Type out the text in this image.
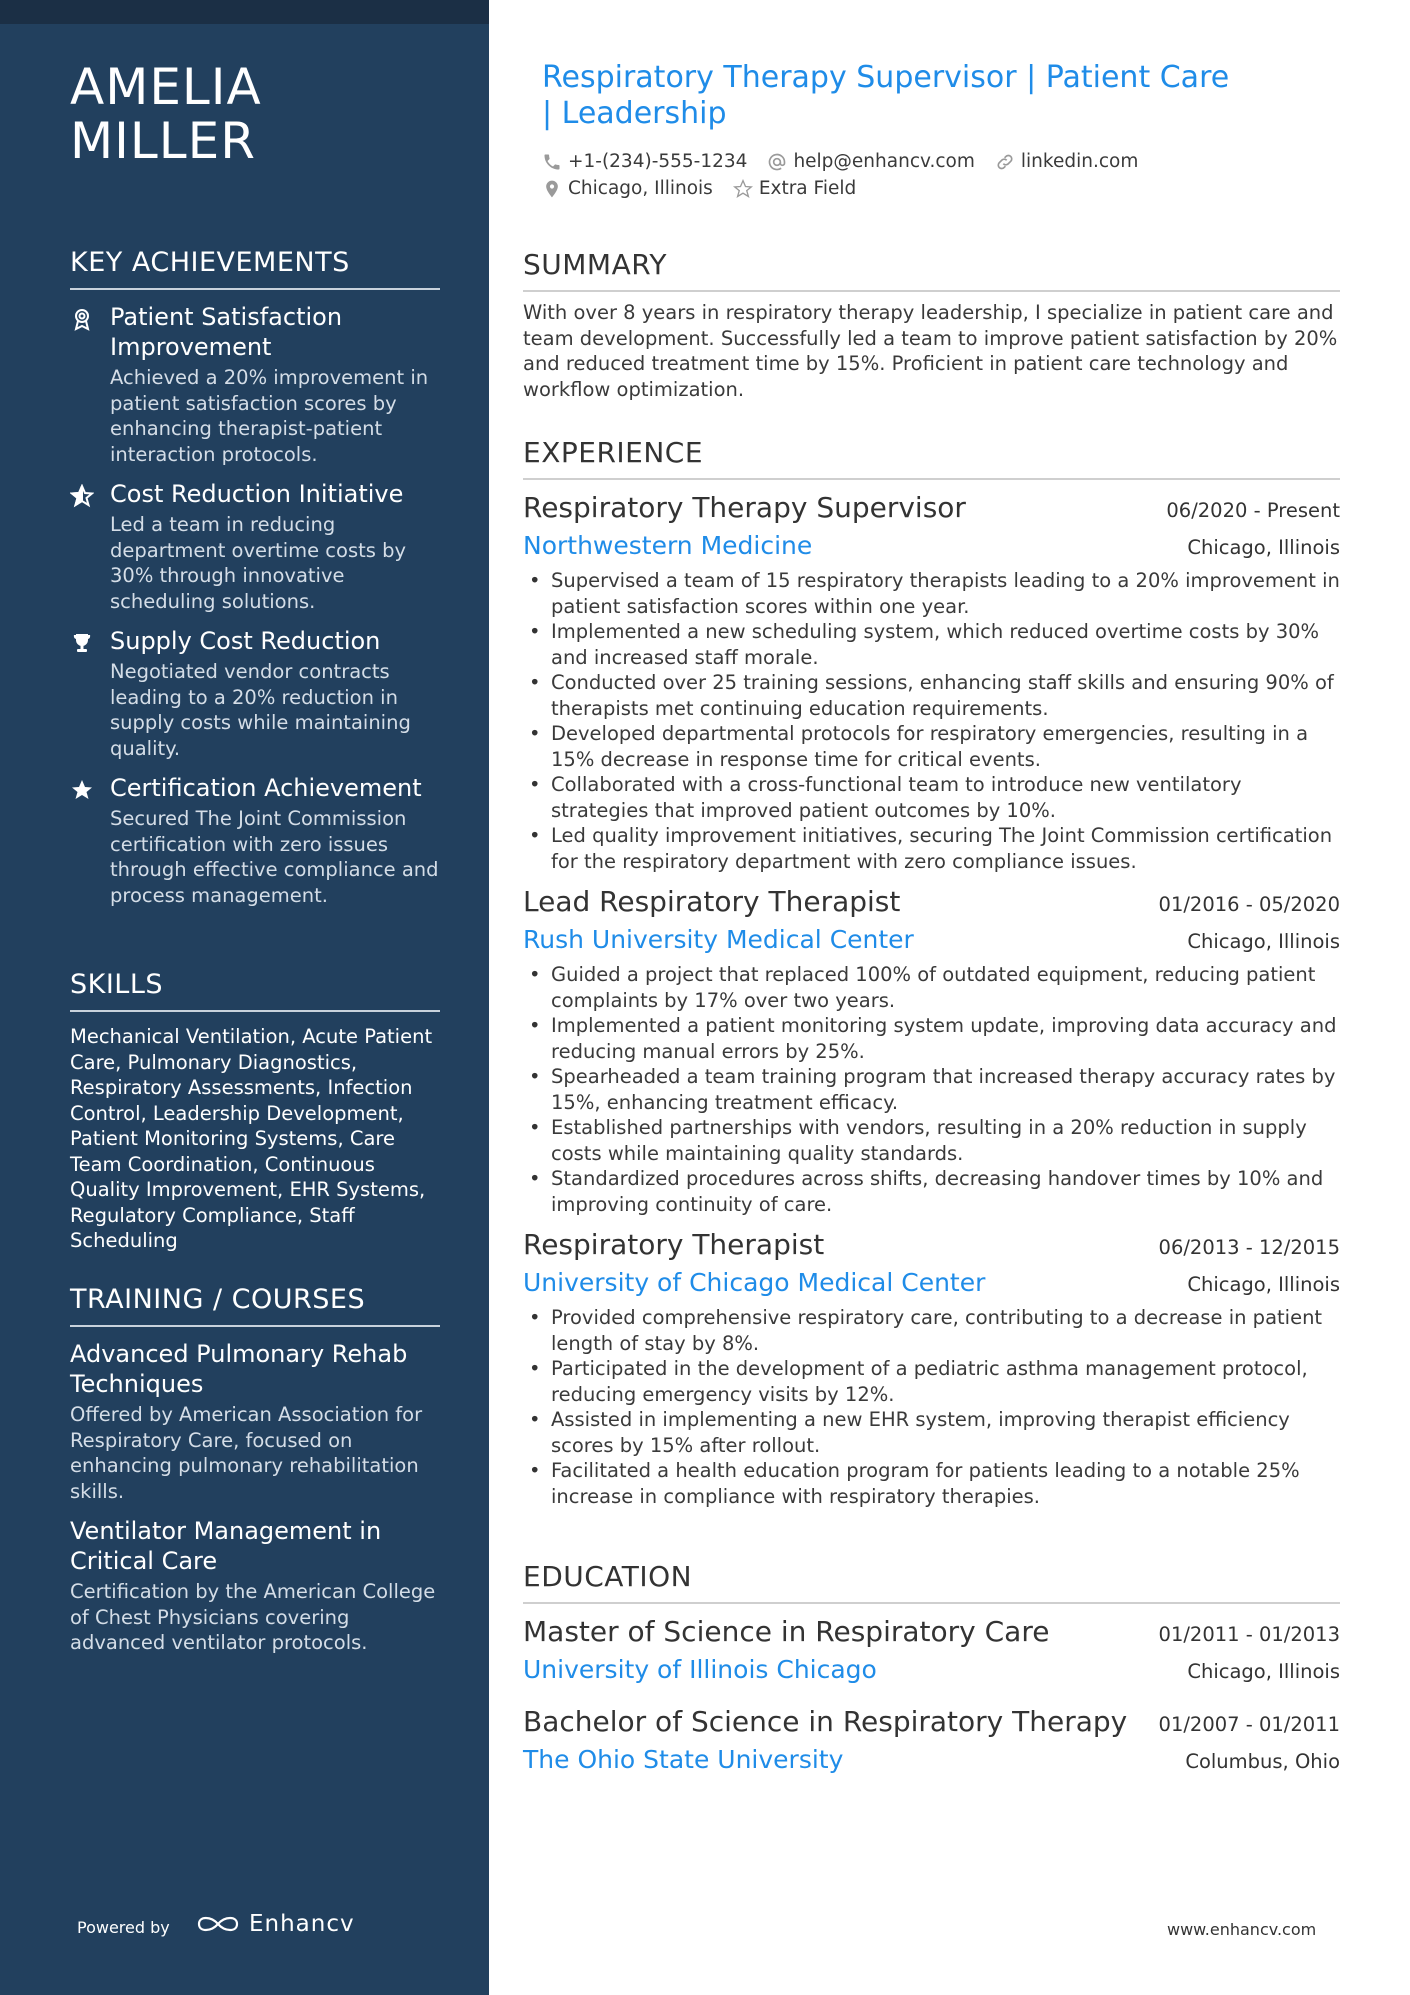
AMELIA
MILLER
KEY ACHIEVEMENTS
Patient Satisfaction Improvement
Achieved a 20% improvement in patient satisfaction scores by enhancing therapist-patient interaction protocols.
Cost Reduction Initiative
Led a team in reducing department overtime costs by 30% through innovative scheduling solutions.
Supply Cost Reduction
Negotiated vendor contracts leading to a 20% reduction in supply costs while maintaining quality.
Certification Achievement
Secured The Joint Commission certification with zero issues through effective compliance and process management.
SKILLS
Mechanical Ventilation, Acute Patient Care, Pulmonary Diagnostics, Respiratory Assessments, Infection Control, Leadership Development, Patient Monitoring Systems, Care Team Coordination, Continuous Quality Improvement, EHR Systems, Regulatory Compliance, Staff Scheduling
TRAINING / COURSES
Advanced Pulmonary Rehab Techniques
Offered by American Association for Respiratory Care, focused on enhancing pulmonary rehabilitation skills.
Ventilator Management in Critical Care
Certification by the American College of Chest Physicians covering advanced ventilator protocols.
Powered by	Enhancv
Respiratory Therapy Supervisor | Patient Care | Leadership
+1-(234)-555-1234 help@enhancv.com linkedin.com
Chicago, Illinois Extra Field
SUMMARY
With over 8 years in respiratory therapy leadership, I specialize in patient care and team development. Successfully led a team to improve patient satisfaction by 20% and reduced treatment time by 15%. Proficient in patient care technology and workflow optimization.
EXPERIENCE
Respiratory Therapy Supervisor	06/2020 - Present
Northwestern Medicine	Chicago, Illinois
• Supervised a team of 15 respiratory therapists leading to a 20% improvement in patient satisfaction scores within one year.
• Implemented a new scheduling system, which reduced overtime costs by 30% and increased staff morale.
• Conducted over 25 training sessions, enhancing staff skills and ensuring 90% of therapists met continuing education requirements.
• Developed departmental protocols for respiratory emergencies, resulting in a 15% decrease in response time for critical events.
• Collaborated with a cross-functional team to introduce new ventilatory strategies that improved patient outcomes by 10%.
• Led quality improvement initiatives, securing The Joint Commission certification for the respiratory department with zero compliance issues.
Lead Respiratory Therapist	01/2016 - 05/2020
Rush University Medical Center	Chicago, Illinois
• Guided a project that replaced 100% of outdated equipment, reducing patient complaints by 17% over two years.
• Implemented a patient monitoring system update, improving data accuracy and reducing manual errors by 25%.
• Spearheaded a team training program that increased therapy accuracy rates by 15%, enhancing treatment efficacy.
• Established partnerships with vendors, resulting in a 20% reduction in supply costs while maintaining quality standards.
• Standardized procedures across shifts, decreasing handover times by 10% and improving continuity of care.
Respiratory Therapist	06/2013 - 12/2015
University of Chicago Medical Center	Chicago, Illinois
• Provided comprehensive respiratory care, contributing to a decrease in patient length of stay by 8%.
• Participated in the development of a pediatric asthma management protocol, reducing emergency visits by 12%.
• Assisted in implementing a new EHR system, improving therapist efficiency scores by 15% after rollout.
• Facilitated a health education program for patients leading to a notable 25% increase in compliance with respiratory therapies.
EDUCATION
Master of Science in Respiratory Care	01/2011 - 01/2013
University of Illinois Chicago	Chicago, Illinois
Bachelor of Science in Respiratory Therapy 01/2007 - 01/2011
The Ohio State University	Columbus, Ohio
www.enhancv.com
